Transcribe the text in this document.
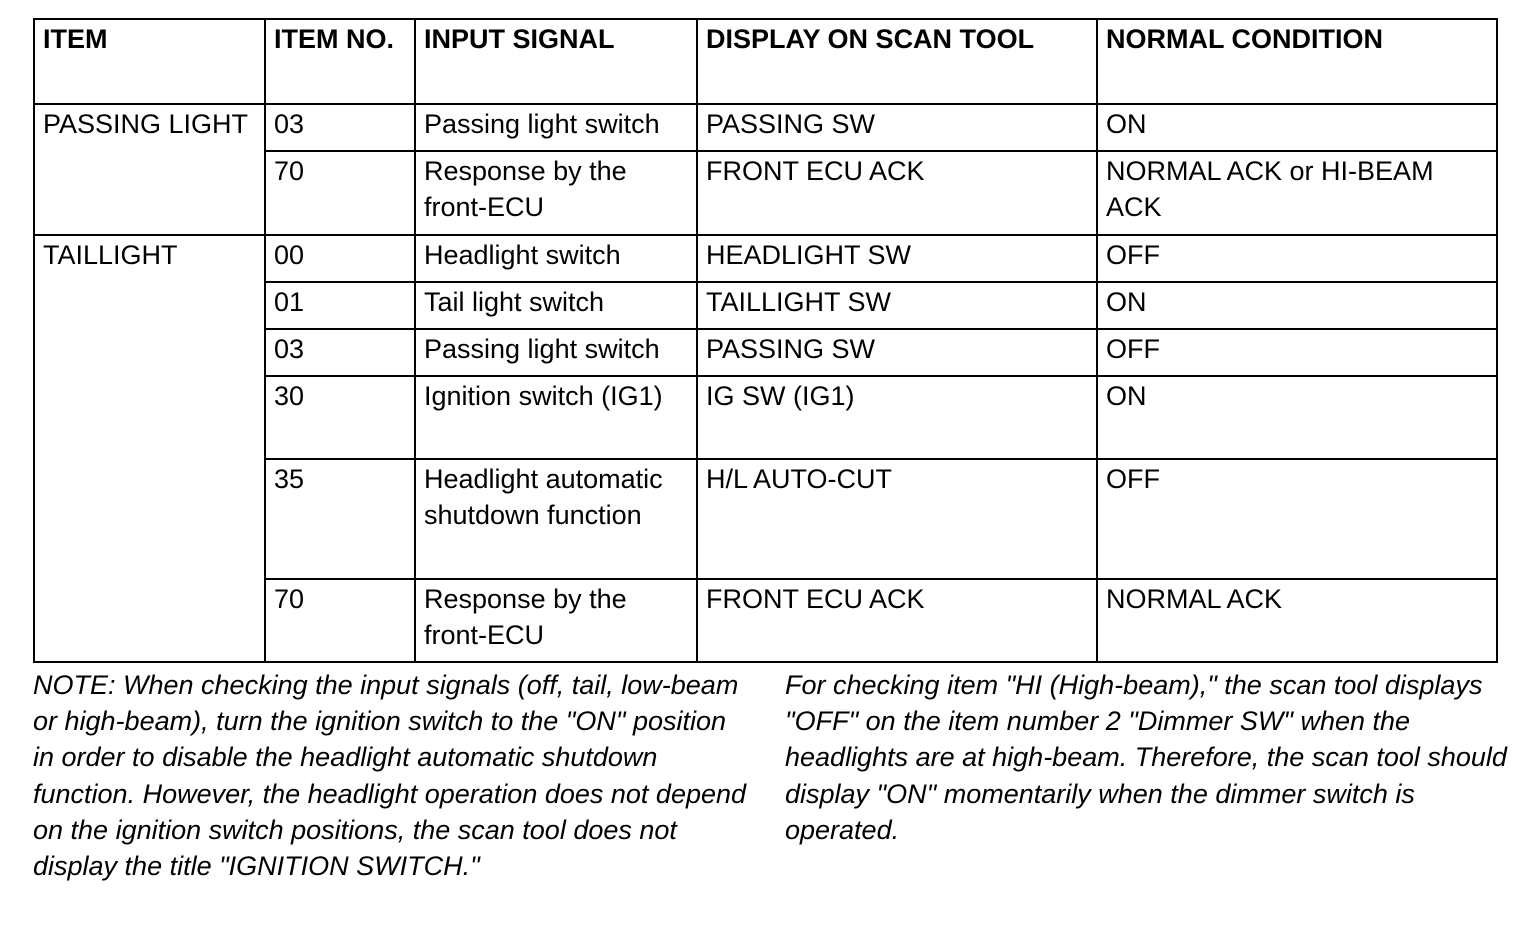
ITEM	ITEM NO.	INPUT SIGNAL	DISPLAY ON SCAN TOOL	NORMAL CONDITION
PASSING LIGHT	03	Passing light switch	PASSING SW	ON
	70	Response by the front-ECU	FRONT ECU ACK	NORMAL ACK or HI-BEAM ACK
TAILLIGHT	00	Headlight switch	HEADLIGHT SW	OFF
	01	Tail light switch	TAILLIGHT SW	ON
	03	Passing light switch	PASSING SW	OFF
	30	Ignition switch (IG1)	IG SW (IG1)	ON
	35	Headlight automatic shutdown function	H/L AUTO-CUT	OFF
	70	Response by the front-ECU	FRONT ECU ACK	NORMAL ACK
NOTE: When checking the input signals (off, tail, low-beam or high-beam), turn the ignition switch to the "ON" position in order to disable the headlight automatic shutdown function. However, the headlight operation does not depend on the ignition switch positions, the scan tool does not display the title "IGNITION SWITCH."
For checking item "HI (High-beam)," the scan tool displays "OFF" on the item number 2 "Dimmer SW" when the headlights are at high-beam. Therefore, the scan tool should display "ON" momentarily when the dimmer switch is operated.
